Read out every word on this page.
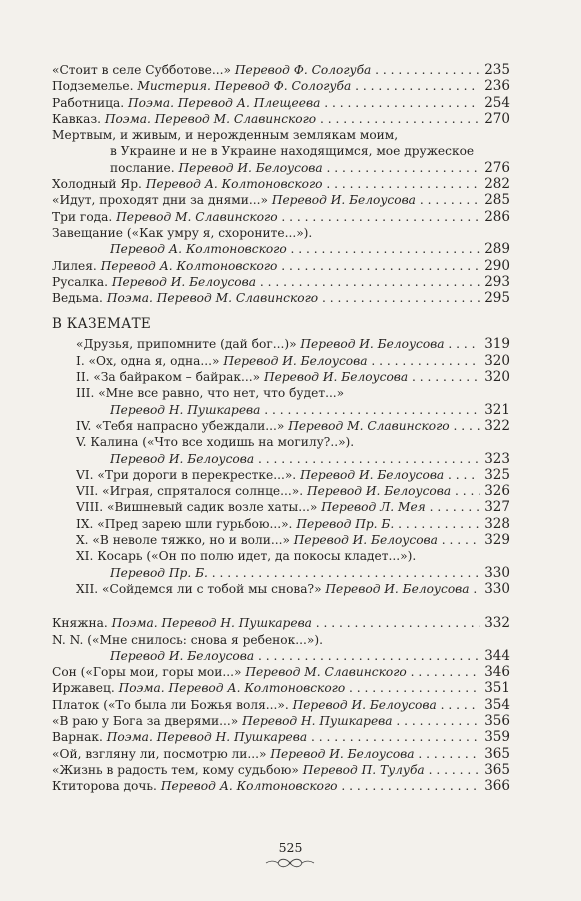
«Стоит в селе Субботове...» Перевод Ф. Сологуба . . .	235
Подземелье. Мистерия. Перевод Ф. Сологуба . . .	236
Работница. Поэма. Перевод А. Плещеева . . .	254
Кавказ. Поэма. Перевод М. Славинского . . .	270
Мертвым, и живым, и нерожденным землякам моим,
в Украине и не в Украине находящимся, мое дружеское
послание. Перевод И. Белоусова . . .	276
Холодный Яр. Перевод А. Колтоновского . . .	282
«Идут, проходят дни за днями...» Перевод И. Белоусова . . .	285
Три года. Перевод М. Славинского . . .	286
Завещание («Как умру я, схороните...»).
Перевод А. Колтоновского . . .	289
Лилея. Перевод А. Колтоновского . . .	290
Русалка. Перевод И. Белоусова . . .	293
Ведьма. Поэма. Перевод М. Славинского . . .	295
В КАЗЕМАТЕ
«Друзья, припомните (дай бог...)» Перевод И. Белоусова . . .	319
I. «Ох, одна я, одна...» Перевод И. Белоусова . . .	320
II. «За байраком – байрак...» Перевод И. Белоусова . . .	320
III. «Мне все равно, что нет, что будет...»
Перевод Н. Пушкарева . . .	321
IV. «Тебя напрасно убеждали...» Перевод М. Славинского . . .	322
V. Калина («Что все ходишь на могилу?..»).
Перевод И. Белоусова . . .	323
VI. «Три дороги в перекрестке...». Перевод И. Белоусова . . .	325
VII. «Играя, спряталося солнце...». Перевод И. Белоусова . . .	326
VIII. «Вишневый садик возле хаты...» Перевод Л. Мея . . .	327
IX. «Пред зарею шли гурьбою...». Перевод Пр. Б. . . .	328
X. «В неволе тяжко, но и воли...» Перевод И. Белоусова . . .	329
XI. Косарь («Он по полю идет, да покосы кладет...»).
Перевод Пр. Б. . . .	330
XII. «Сойдемся ли с тобой мы снова?» Перевод И. Белоусова . . .	330
Княжна. Поэма. Перевод Н. Пушкарева . . .	332
N. N. («Мне снилось: снова я ребенок...»).
Перевод И. Белоусова . . .	344
Сон («Горы мои, горы мои...» Перевод М. Славинского . . .	346
Иржавец. Поэма. Перевод А. Колтоновского . . .	351
Платок («То была ли Божья воля...». Перевод И. Белоусова . . .	354
«В раю у Бога за дверями...» Перевод Н. Пушкарева . . .	356
Варнак. Поэма. Перевод Н. Пушкарева . . .	359
«Ой, взгляну ли, посмотрю ли...» Перевод И. Белоусова . . .	365
«Жизнь в радость тем, кому судьбою» Перевод П. Тулуба . . .	365
Ктиторова дочь. Перевод А. Колтоновского . . .	366
525
